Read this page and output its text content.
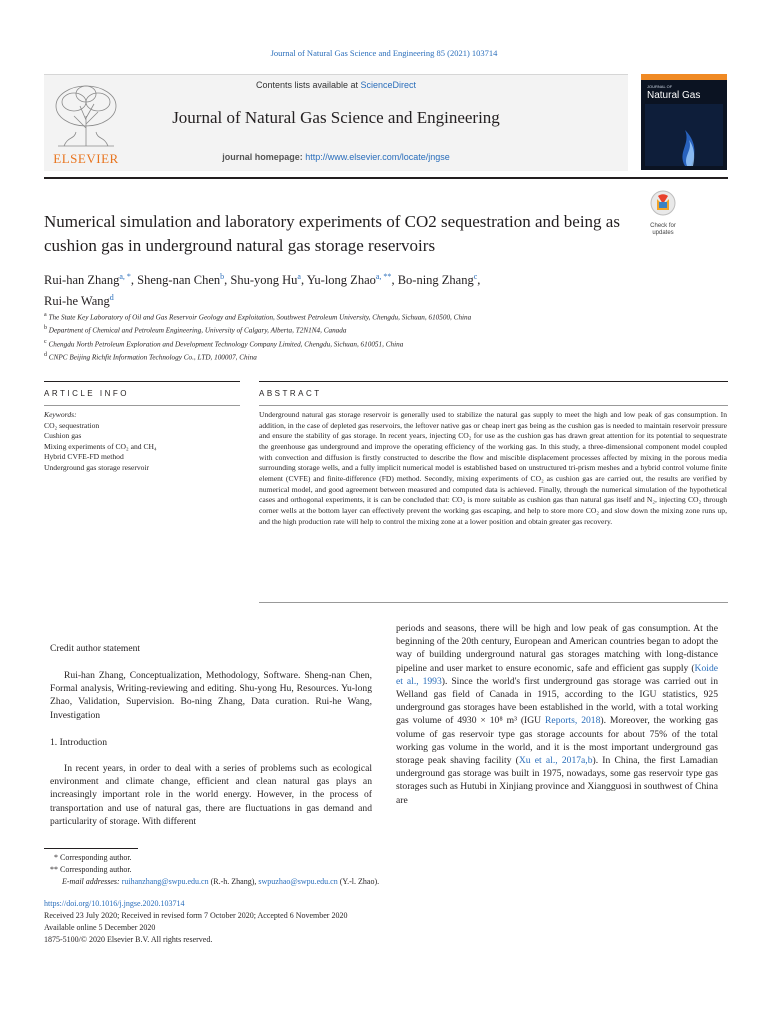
Journal of Natural Gas Science and Engineering 85 (2021) 103714
Contents lists available at ScienceDirect
Journal of Natural Gas Science and Engineering
journal homepage: http://www.elsevier.com/locate/jngse
ELSEVIER
JOURNAL OF
Natural Gas
Numerical simulation and laboratory experiments of CO2 sequestration and being as cushion gas in underground natural gas storage reservoirs
Check for
updates
Rui-han Zhang$^{a, *}$, Sheng-nan Chen$^b$, Shu-yong Hu$^a$, Yu-long Zhao$^{a, **}$, Bo-ning Zhang$^c$,
Rui-he Wang$^d$
$^a$ The State Key Laboratory of Oil and Gas Reservoir Geology and Exploitation, Southwest Petroleum University, Chengdu, Sichuan, 610500, China
$^b$ Department of Chemical and Petroleum Engineering, University of Calgary, Alberta, T2N1N4, Canada
$^c$ Chengdu North Petroleum Exploration and Development Technology Company Limited, Chengdu, Sichuan, 610051, China
$^d$ CNPC Beijing Richfit Information Technology Co., LTD, 100007, China
ARTICLE INFO	ABSTRACT
Keywords:
CO₂ sequestration
Cushion gas
Mixing experiments of CO₂ and CH₄
Hybrid CVFE-FD method
Underground gas storage reservoir
Underground natural gas storage reservoir is generally used to stabilize the natural gas supply to meet the high and low peak of gas consumption. In addition, in the case of depleted gas reservoirs, the leftover native gas or cheap inert gas being as the cushion gas is needed to maintain reservoir pressure and ensure the stability of gas storage. In recent years, injecting CO₂ for use as the cushion gas has drawn great attention for its potential to sequestrate the greenhouse gas underground and improve the operating efficiency of the working gas. In this study, a three-dimensional component model coupled with convection and diffusion is firstly constructed to describe the flow and miscible displacement processes affected by mixing in the porous media surrounding storage wells, and a fully implicit numerical model is established based on unstructured tri-prism meshes and a hybrid control volume finite element (CVFE) and finite-difference (FD) method. Secondly, mixing experiments of CO₂ as cushion gas are carried out, the results are verified by numerical model, and good agreement between measured and computed data is achieved. Finally, through the numerical simulation of the hypothetical cases and orthogonal experiments, it is can be concluded that: CO₂ is more suitable as cushion gas than natural gas itself and N₂, injecting CO₂ through corner wells at the bottom layer can effectively prevent the working gas escaping, and help to store more CO₂ and slow down the mixing zone runs up, and the high production rate will help to control the mixing zone at a lower position and obtain greater gas recovery.
Credit author statement
Rui-han Zhang, Conceptualization, Methodology, Software. Sheng-nan Chen, Formal analysis, Writing-reviewing and editing. Shu-yong Hu, Resources. Yu-long Zhao, Validation, Supervision. Bo-ning Zhang, Data curation. Rui-he Wang, Investigation
1. Introduction
In recent years, in order to deal with a series of problems such as ecological environment and climate change, efficient and clean natural gas plays an increasingly important role in the world energy. However, in the process of transportation and use of natural gas, there are fluctuations in gas demand and particularity of storage. With different
periods and seasons, there will be high and low peak of gas consumption. At the beginning of the 20th century, European and American countries began to adopt the way of building underground natural gas storages matching with long-distance pipeline and user market to ensure economic, safe and efficient gas supply (Koide et al., 1993). Since the world's first underground gas storage was carried out in Welland gas field of Canada in 1915, according to the IGU statistics, 925 underground gas storages have been established in the world, with a total working gas volume of 4930 × 10⁸ m³ (IGU Reports, 2018). Moreover, the working gas volume of gas reservoir type gas storage accounts for about 75% of the total working gas volume in the world, and it is the most important underground gas storage peak shaving facility (Xu et al., 2017a,b). In China, the first Lamadian underground gas storage was built in 1975, nowadays, some gas reservoir type gas storages such as Hutubi in Xinjiang province and Xiangguosi in southwest of China are
* Corresponding author.
** Corresponding author.
E-mail addresses: ruihanzhang@swpu.edu.cn (R.-h. Zhang), swpuzhao@swpu.edu.cn (Y.-l. Zhao).
https://doi.org/10.1016/j.jngse.2020.103714
Received 23 July 2020; Received in revised form 7 October 2020; Accepted 6 November 2020
Available online 5 December 2020
1875-5100/© 2020 Elsevier B.V. All rights reserved.
